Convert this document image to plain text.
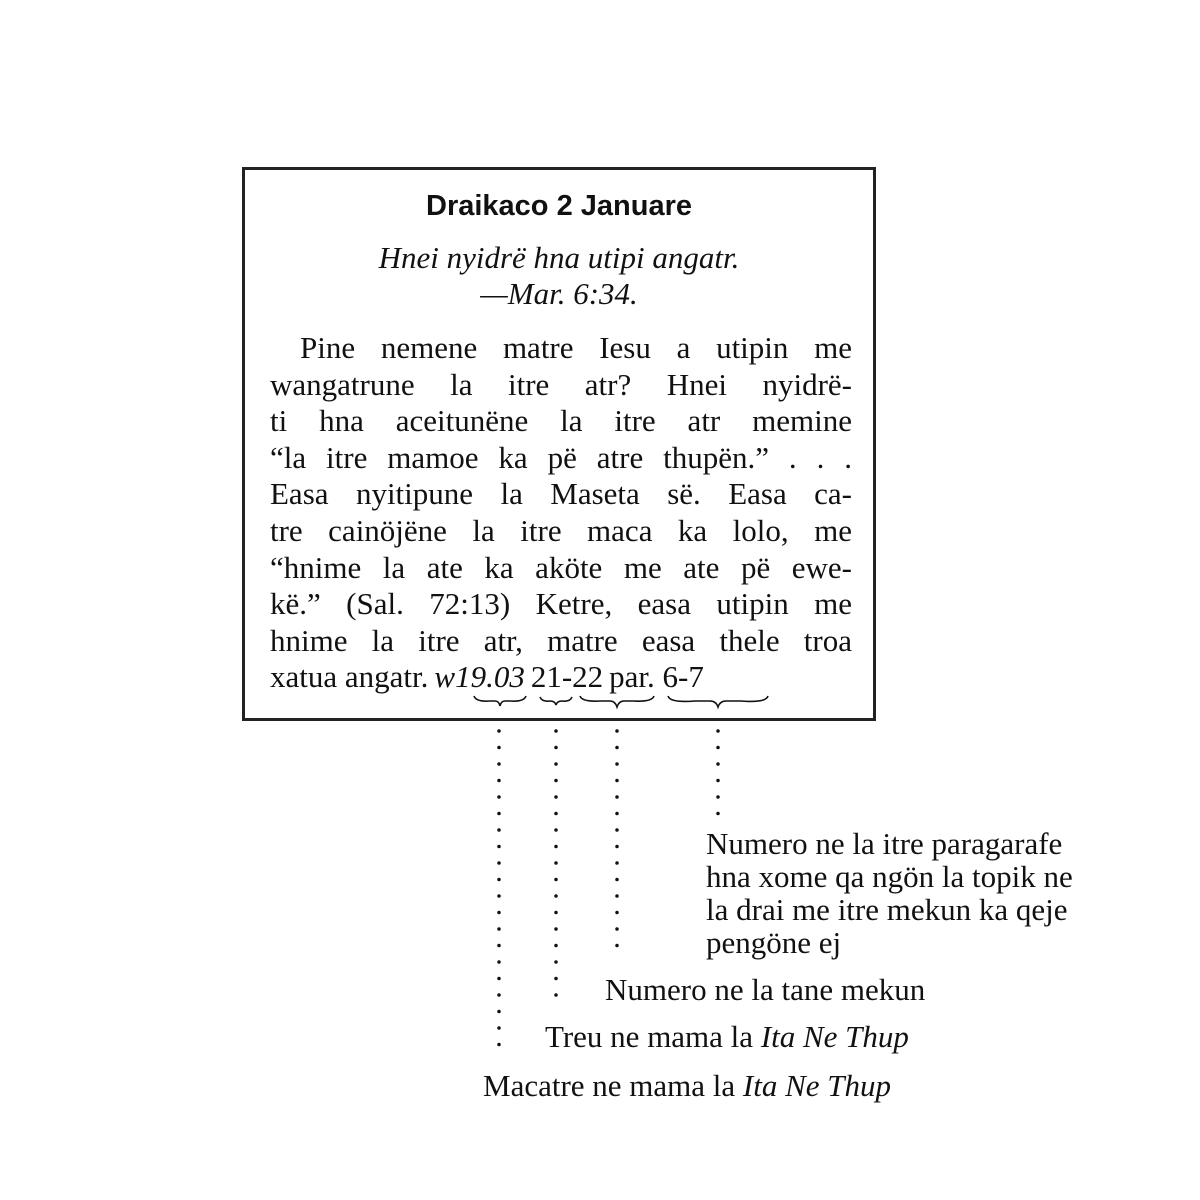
Draikaco 2 Januare
Hnei nyidrë hna utipi angatr.
—Mar. 6:34.
Pine nemene matre Iesu a utipin me
wangatrune la itre atr? Hnei nyidrë-
ti hna aceitunëne la itre atr memine
“la itre mamoe ka pë atre thupën.” . . .
Easa nyitipune la Maseta së. Easa ca-
tre cainöjëne la itre maca ka lolo, me
“hnime la ate ka aköte me ate pë ewe-
kë.” (Sal. 72:13) Ketre, easa utipin me
hnime la itre atr, matre easa thele troa
xatua angatr. w19.03 21-22 par. 6-7
Numero ne la itre paragarafe
hna xome qa ngön la topik ne
la drai me itre mekun ka qeje
pengöne ej
Numero ne la tane mekun
Treu ne mama la Ita Ne Thup
Macatre ne mama la Ita Ne Thup
